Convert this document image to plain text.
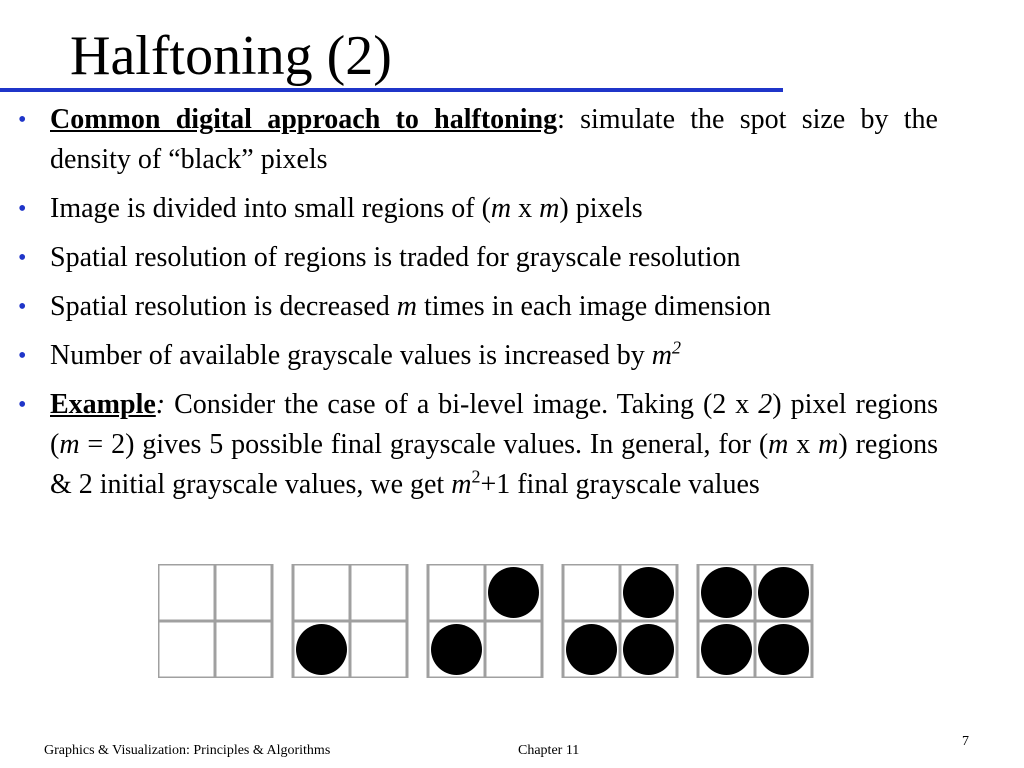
Halftoning (2)
• Common digital approach to halftoning: simulate the spot size by the density of “black” pixels
• Image is divided into small regions of (m x m) pixels
• Spatial resolution of regions is traded for grayscale resolution
• Spatial resolution is decreased m times in each image dimension
• Number of available grayscale values is increased by $m^2$
• Example: Consider the case of a bi-level image. Taking (2 x 2) pixel regions (m = 2) gives 5 possible final grayscale values. In general, for (m x m) regions & 2 initial grayscale values, we get $m^2+1$ final grayscale values
Graphics & Visualization: Principles & Algorithms	Chapter 11
7
